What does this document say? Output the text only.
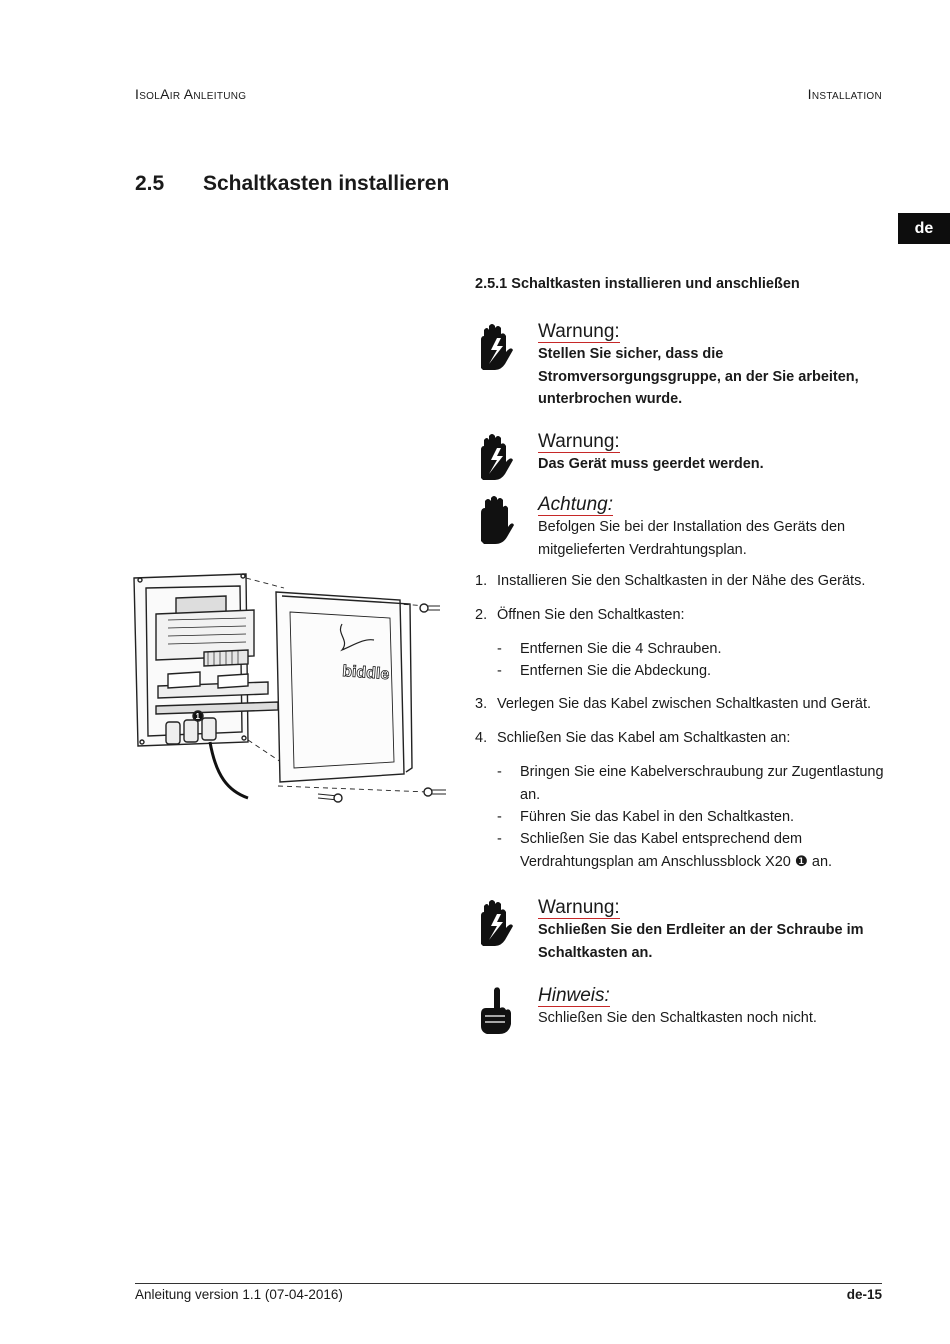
IsolAir Anleitung	Installation
2.5 Schaltkasten installieren
de
2.5.1 Schaltkasten installieren und anschließen
biddle
1
Warnung:
Stellen Sie sicher, dass die Stromversorgungsgruppe, an der Sie arbeiten, unterbrochen wurde.
Warnung:
Das Gerät muss geerdet werden.
Achtung:
Befolgen Sie bei der Installation des Geräts den mitgelieferten Verdrahtungsplan.
1. Installieren Sie den Schaltkasten in der Nähe des Geräts.
2. Öffnen Sie den Schaltkasten:
- Entfernen Sie die 4 Schrauben.
- Entfernen Sie die Abdeckung.
3. Verlegen Sie das Kabel zwischen Schaltkasten und Gerät.
4. Schließen Sie das Kabel am Schaltkasten an:
- Bringen Sie eine Kabelverschraubung zur Zugentlastung an.
- Führen Sie das Kabel in den Schaltkasten.
- Schließen Sie das Kabel entsprechend dem Verdrahtungsplan am Anschlussblock X20 ❶ an.
Warnung:
Schließen Sie den Erdleiter an der Schraube im Schaltkasten an.
Hinweis:
Schließen Sie den Schaltkasten noch nicht.
Anleitung version 1.1 (07-04-2016)	de-15
